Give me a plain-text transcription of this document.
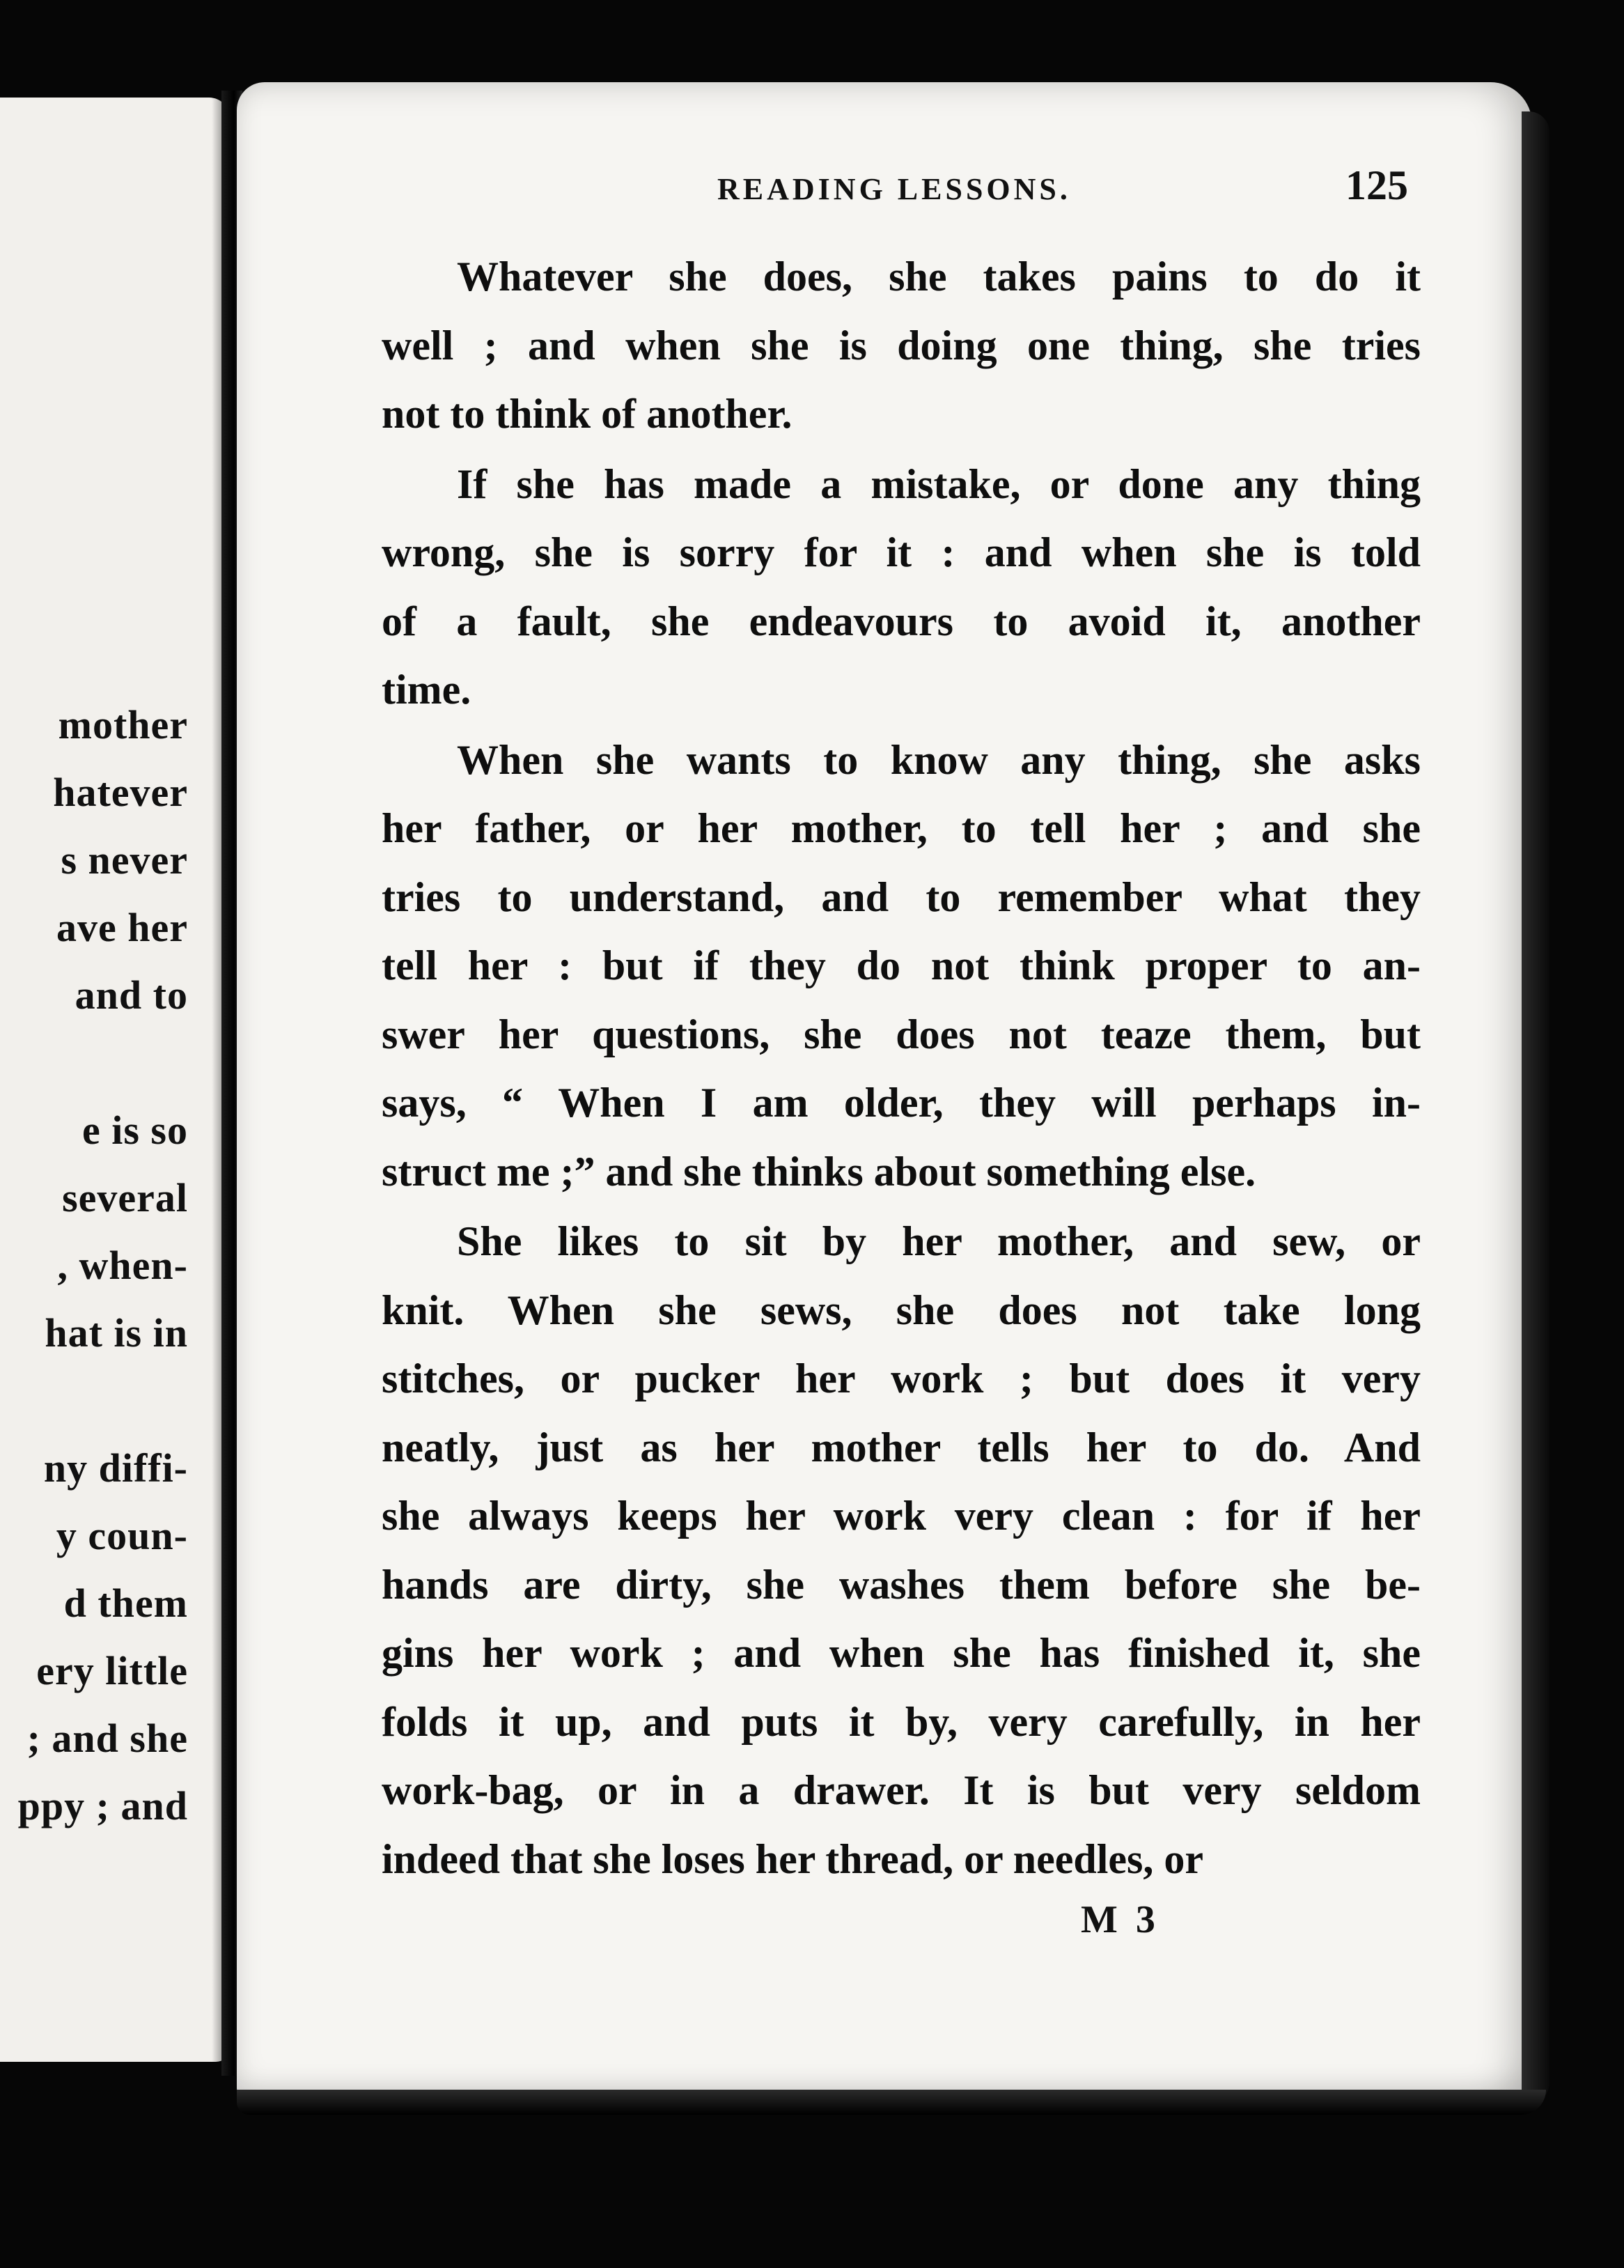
mother
hatever
s never
ave her
and to
e is so
several
, when-
hat is in
ny diffi-
y coun-
d them
ery little
; and she
ppy ; and
READING LESSONS.	125
Whatever she does, she takes pains to do it
well ; and when she is doing one thing, she tries
not to think of another.
If she has made a mistake, or done any thing
wrong, she is sorry for it : and when she is told
of a fault, she endeavours to avoid it, another
time.
When she wants to know any thing, she asks
her father, or her mother, to tell her ; and she
tries to understand, and to remember what they
tell her : but if they do not think proper to an-
swer her questions, she does not teaze them, but
says, “ When I am older, they will perhaps in-
struct me ;” and she thinks about something else.
She likes to sit by her mother, and sew, or
knit. When she sews, she does not take long
stitches, or pucker her work ; but does it very
neatly, just as her mother tells her to do. And
she always keeps her work very clean : for if her
hands are dirty, she washes them before she be-
gins her work ; and when she has finished it, she
folds it up, and puts it by, very carefully, in her
work-bag, or in a drawer. It is but very seldom
indeed that she loses her thread, or needles, or
M 3
